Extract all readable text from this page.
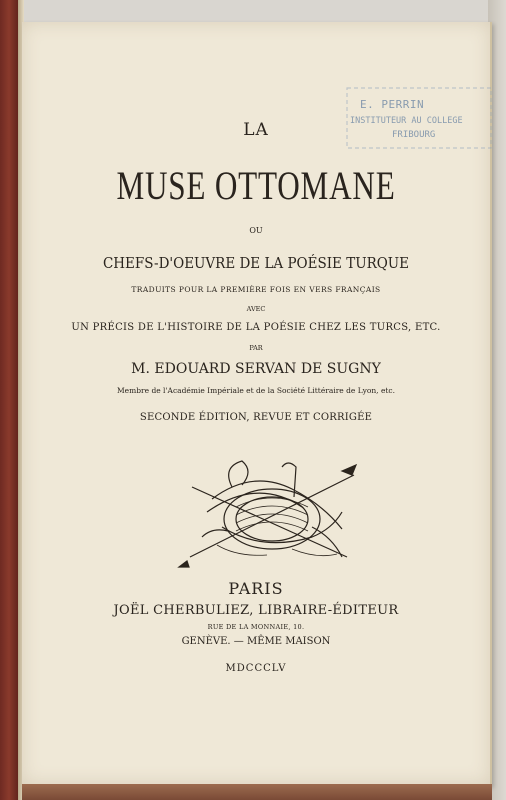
E. PERRIN
INSTITUTEUR AU COLLEGE
FRIBOURG
LA
MUSE OTTOMANE
OU
CHEFS-D'OEUVRE DE LA POÉSIE TURQUE
TRADUITS POUR LA PREMIÈRE FOIS EN VERS FRANÇAIS
AVEC
UN PRÉCIS DE L'HISTOIRE DE LA POÉSIE CHEZ LES TURCS, ETC.
PAR
M. EDOUARD SERVAN DE SUGNY
Membre de l'Académie Impériale et de la Société Littéraire de Lyon, etc.
SECONDE ÉDITION, REVUE ET CORRIGÉE
PARIS
JOËL CHERBULIEZ, LIBRAIRE-ÉDITEUR
RUE DE LA MONNAIE, 10.
GENÈVE. — MÊME MAISON
MDCCCLV
